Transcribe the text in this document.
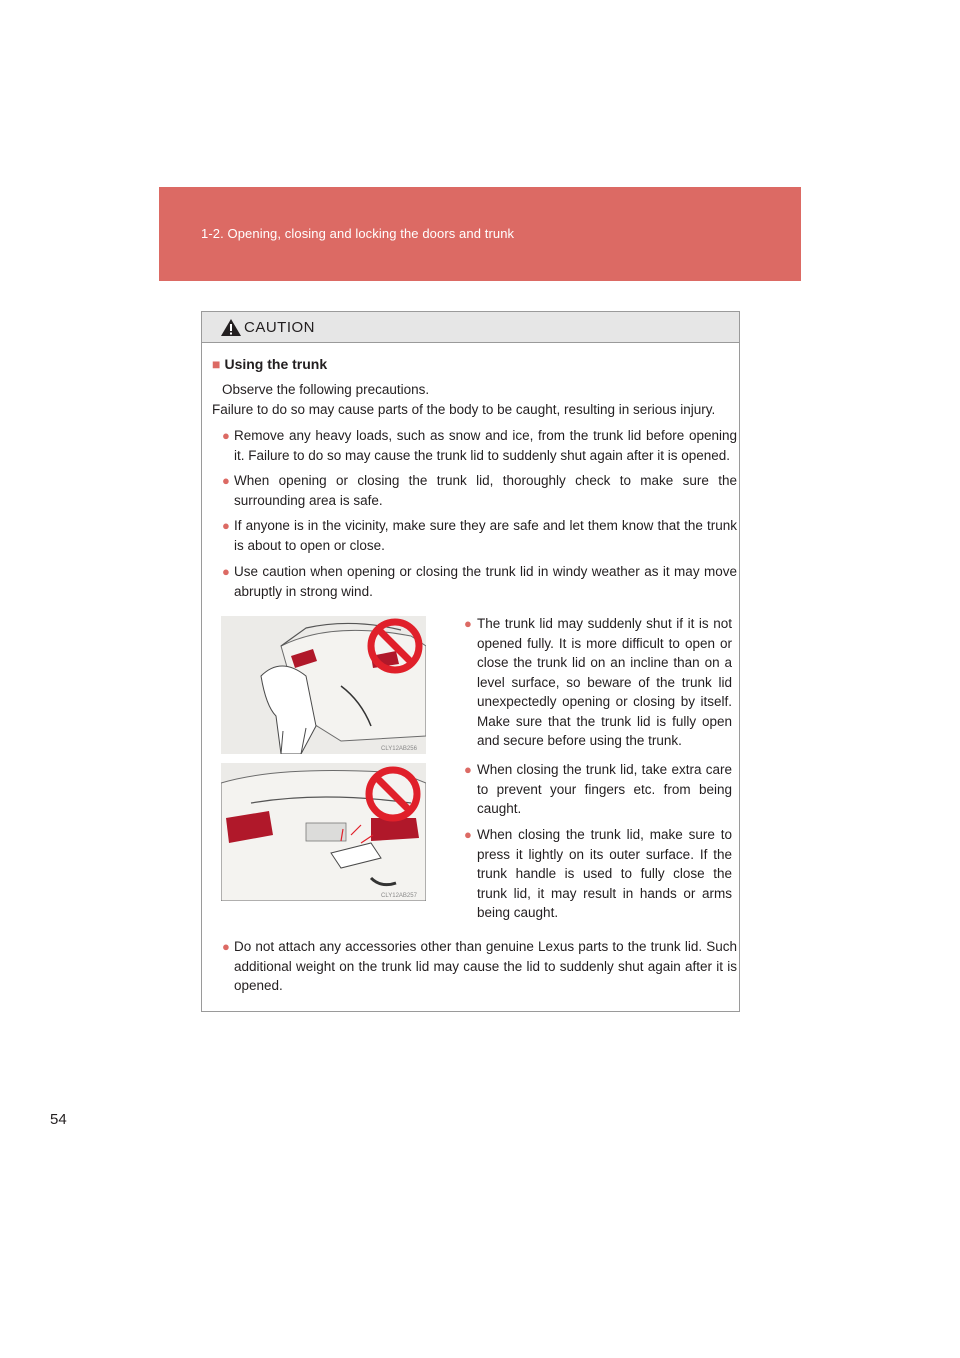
1-2. Opening, closing and locking the doors and trunk
54
CAUTION
■ Using the trunk
Observe the following precautions.
Failure to do so may cause parts of the body to be caught, resulting in serious injury.
● Remove any heavy loads, such as snow and ice, from the trunk lid before opening it. Failure to do so may cause the trunk lid to suddenly shut again after it is opened.
● When opening or closing the trunk lid, thoroughly check to make sure the surrounding area is safe.
● If anyone is in the vicinity, make sure they are safe and let them know that the trunk is about to open or close.
● Use caution when opening or closing the trunk lid in windy weather as it may move abruptly in strong wind.
CLY12AB256
CLY12AB257
● The trunk lid may suddenly shut if it is not opened fully. It is more difficult to open or close the trunk lid on an incline than on a level surface, so beware of the trunk lid unexpectedly opening or closing by itself. Make sure that the trunk lid is fully open and secure before using the trunk.
● When closing the trunk lid, take extra care to prevent your fingers etc. from being caught.
● When closing the trunk lid, make sure to press it lightly on its outer surface. If the trunk handle is used to fully close the trunk lid, it may result in hands or arms being caught.
● Do not attach any accessories other than genuine Lexus parts to the trunk lid. Such additional weight on the trunk lid may cause the lid to suddenly shut again after it is opened.
